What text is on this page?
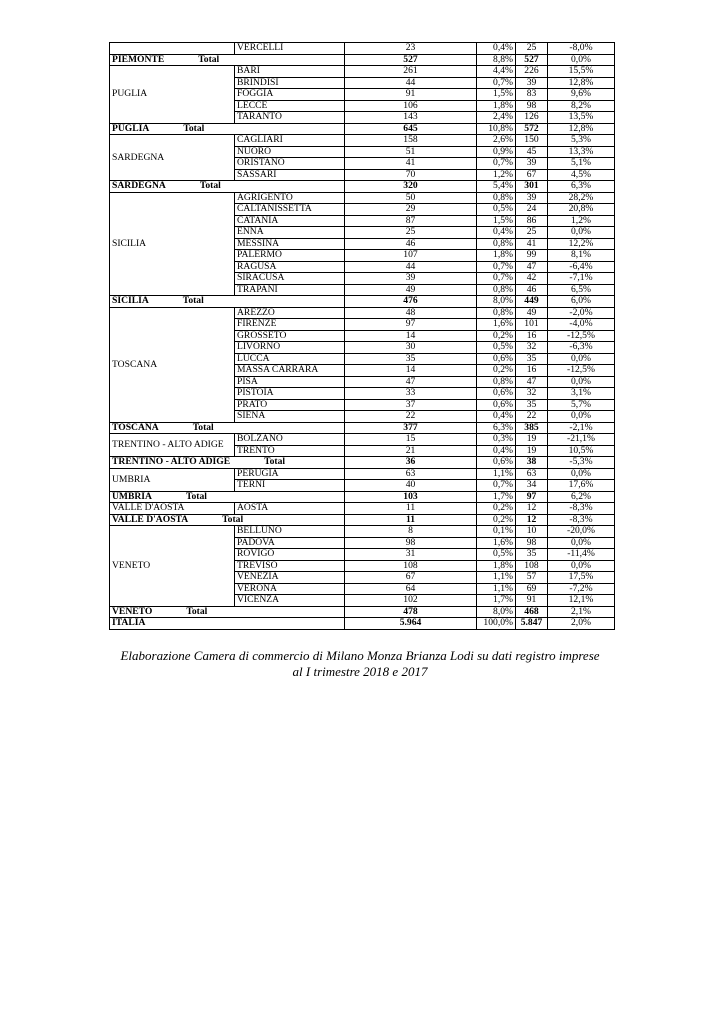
	VERCELLI	23	0,4%	25	-8,0%
PIEMONTE Total		527	8,8%	527	0,0%
PUGLIA	BARI	261	4,4%	226	15,5%
	BRINDISI	44	0,7%	39	12,8%
	FOGGIA	91	1,5%	83	9,6%
	LECCE	106	1,8%	98	8,2%
	TARANTO	143	2,4%	126	13,5%
PUGLIA Total		645	10,8%	572	12,8%
SARDEGNA	CAGLIARI	158	2,6%	150	5,3%
	NUORO	51	0,9%	45	13,3%
	ORISTANO	41	0,7%	39	5,1%
	SASSARI	70	1,2%	67	4,5%
SARDEGNA Total		320	5,4%	301	6,3%
SICILIA	AGRIGENTO	50	0,8%	39	28,2%
	CALTANISSETTA	29	0,5%	24	20,8%
	CATANIA	87	1,5%	86	1,2%
	ENNA	25	0,4%	25	0,0%
	MESSINA	46	0,8%	41	12,2%
	PALERMO	107	1,8%	99	8,1%
	RAGUSA	44	0,7%	47	-6,4%
	SIRACUSA	39	0,7%	42	-7,1%
	TRAPANI	49	0,8%	46	6,5%
SICILIA Total		476	8,0%	449	6,0%
TOSCANA	AREZZO	48	0,8%	49	-2,0%
	FIRENZE	97	1,6%	101	-4,0%
	GROSSETO	14	0,2%	16	-12,5%
	LIVORNO	30	0,5%	32	-6,3%
	LUCCA	35	0,6%	35	0,0%
	MASSA CARRARA	14	0,2%	16	-12,5%
	PISA	47	0,8%	47	0,0%
	PISTOIA	33	0,6%	32	3,1%
	PRATO	37	0,6%	35	5,7%
	SIENA	22	0,4%	22	0,0%
TOSCANA Total		377	6,3%	385	-2,1%
TRENTINO - ALTO ADIGE	BOLZANO	15	0,3%	19	-21,1%
	TRENTO	21	0,4%	19	10,5%
TRENTINO - ALTO ADIGE Total		36	0,6%	38	-5,3%
UMBRIA	PERUGIA	63	1,1%	63	0,0%
	TERNI	40	0,7%	34	17,6%
UMBRIA Total		103	1,7%	97	6,2%
VALLE D'AOSTA	AOSTA	11	0,2%	12	-8,3%
VALLE D'AOSTA Total		11	0,2%	12	-8,3%
VENETO	BELLUNO	8	0,1%	10	-20,0%
	PADOVA	98	1,6%	98	0,0%
	ROVIGO	31	0,5%	35	-11,4%
	TREVISO	108	1,8%	108	0,0%
	VENEZIA	67	1,1%	57	17,5%
	VERONA	64	1,1%	69	-7,2%
	VICENZA	102	1,7%	91	12,1%
VENETO Total		478	8,0%	468	2,1%
ITALIA		5.964	100,0%	5.847	2,0%
Elaborazione Camera di commercio di Milano Monza Brianza Lodi su dati registro imprese al I trimestre 2018 e 2017
